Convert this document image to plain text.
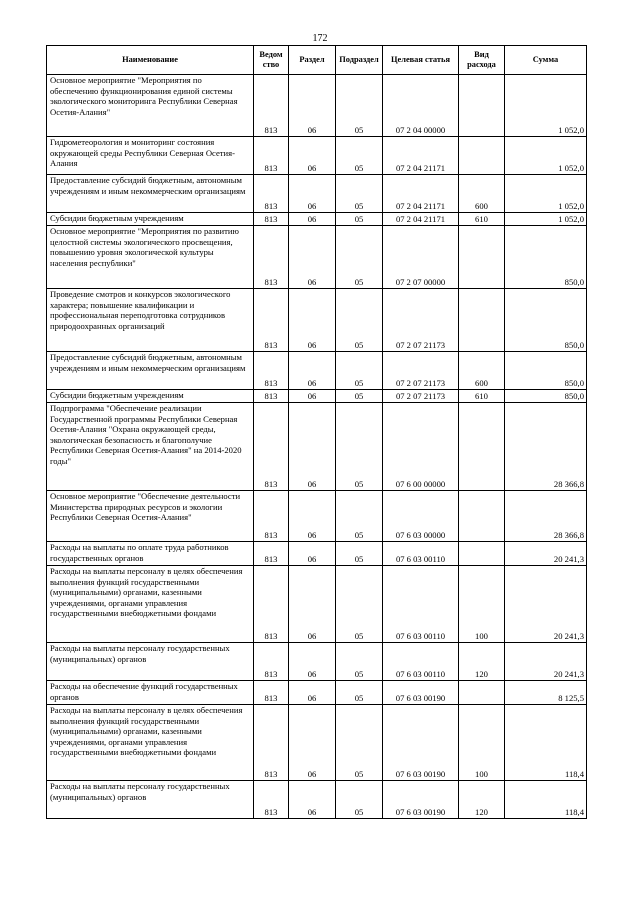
172
Наименование	Ведом ство	Раздел	Подраздел	Целевая статья	Вид расхода	Сумма
Основное мероприятие "Мероприятия по обеспечению функционирования единой системы экологического мониторинга Республики Северная Осетия-Алания"	813	06	05	07 2 04 00000		1 052,0
Гидрометеорология и мониторинг состояния окружающей среды Республики Северная Осетия-Алания	813	06	05	07 2 04 21171		1 052,0
Предоставление субсидий бюджетным, автономным учреждениям и иным некоммерческим организациям	813	06	05	07 2 04 21171	600	1 052,0
Субсидии бюджетным учреждениям	813	06	05	07 2 04 21171	610	1 052,0
Основное мероприятие "Мероприятия по развитию целостной системы экологического просвещения, повышению уровня экологической культуры населения республики"	813	06	05	07 2 07 00000		850,0
Проведение смотров и конкурсов экологического характера; повышение квалификации и профессиональная переподготовка сотрудников природоохранных организаций	813	06	05	07 2 07 21173		850,0
Предоставление субсидий бюджетным, автономным учреждениям и иным некоммерческим организациям	813	06	05	07 2 07 21173	600	850,0
Субсидии бюджетным учреждениям	813	06	05	07 2 07 21173	610	850,0
Подпрограмма "Обеспечение реализации Государственной программы Республики Северная Осетия-Алания "Охрана окружающей среды, экологическая безопасность и благополучие Республики Северная Осетия-Алания" на 2014-2020 годы"	813	06	05	07 6 00 00000		28 366,8
Основное мероприятие "Обеспечение деятельности Министерства природных ресурсов и экологии Республики Северная Осетия-Алания"	813	06	05	07 6 03 00000		28 366,8
Расходы на выплаты по оплате труда работников государственных органов	813	06	05	07 6 03 00110		20 241,3
Расходы на выплаты персоналу в целях обеспечения выполнения функций государственными (муниципальными) органами, казенными учреждениями, органами управления государственными внебюджетными фондами	813	06	05	07 6 03 00110	100	20 241,3
Расходы на выплаты персоналу государственных (муниципальных) органов	813	06	05	07 6 03 00110	120	20 241,3
Расходы на обеспечение функций государственных органов	813	06	05	07 6 03 00190		8 125,5
Расходы на выплаты персоналу в целях обеспечения выполнения функций государственными (муниципальными) органами, казенными учреждениями, органами управления государственными внебюджетными фондами	813	06	05	07 6 03 00190	100	118,4
Расходы на выплаты персоналу государственных (муниципальных) органов	813	06	05	07 6 03 00190	120	118,4
